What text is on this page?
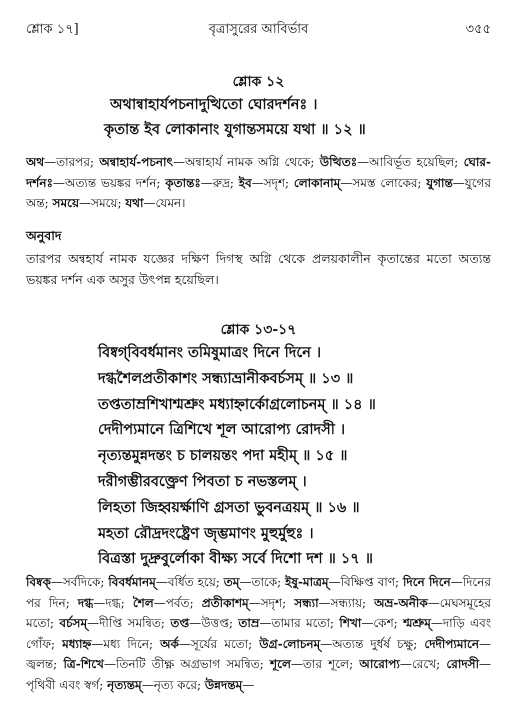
শ্লোক ১৭]	বৃত্রাসুরের আবির্ভাব	৩৫৫
শ্লোক ১২
অথান্বাহার্যপচনাদুত্থিতো ঘোরদর্শনঃ ।
কৃতান্ত ইব লোকানাং যুগান্তসময়ে যথা ॥ ১২ ॥
অথ—তারপর; অন্বাহার্য-পচনাৎ—অন্বাহার্য নামক অগ্নি থেকে; উত্থিতঃ—আবির্ভূত হয়েছিল; ঘোর-দর্শনঃ—অত্যন্ত ভয়ঙ্কর দর্শন; কৃতান্তঃ—রুদ্র; ইব—সদৃশ; লোকানাম্—সমস্ত লোকের; যুগান্ত—যুগের অন্ত; সময়ে—সময়ে; যথা—যেমন।
অনুবাদ
তারপর অন্বহার্য নামক যজ্ঞের দক্ষিণ দিগস্থ অগ্নি থেকে প্রলয়কালীন কৃতান্তের মতো অত্যন্ত ভয়ঙ্কর দর্শন এক অসুর উৎপন্ন হয়েছিল।
শ্লোক ১৩-১৭
বিষ্বগ্‌বিবর্ধমানং তমিষুমাত্রং দিনে দিনে ।
দগ্ধশৈলপ্রতীকাশং সন্ধ্যাভ্রানীকবর্চসম্ ॥ ১৩ ॥
তপ্ততাম্রশিখাশ্মশ্রুং মধ্যাহ্নার্কোগ্রলোচনম্ ॥ ১৪ ॥
দেদীপ্যমানে ত্রিশিখে শূল আরোপ্য রোদসী ।
নৃত্যন্তমুন্নদন্তং চ চালয়ন্তং পদা মহীম্ ॥ ১৫ ॥
দরীগম্ভীরবক্ত্রেণ পিবতা চ নভস্তলম্ ।
লিহতা জিহ্বয়র্ক্ষাণি গ্রসতা ভুবনত্রয়ম্ ॥ ১৬ ॥
মহতা রৌদ্রদংষ্ট্রেণ জৃম্ভমাণং মুহুর্মুহুঃ ।
বিত্রস্তা দুদ্রুবুর্লোকা বীক্ষ্য সর্বে দিশো দশ ॥ ১৭ ॥
বিষ্বক্—সর্বদিকে; বিবর্ধমানম্—বর্ধিত হয়ে; তম্—তাকে; ইষু-মাত্রম্—বিক্ষিপ্ত বাণ; দিনে দিনে—দিনের পর দিন; দগ্ধ—দগ্ধ; শৈল—পর্বত; প্রতীকাশম্—সদৃশ; সন্ধ্যা—সন্ধ্যায়; অভ্র-অনীক—মেঘসমূহের মতো; বর্চসম্—দীপ্তি সমন্বিত; তপ্ত—উত্তপ্ত; তাম্র—তামার মতো; শিখা—কেশ; শ্মশ্রুম্—দাড়ি এবং গোঁফ; মধ্যাহ্ন—মধ্য দিনে; অর্ক—সূর্যের মতো; উগ্র-লোচনম্—অত্যন্ত দুর্ধর্ষ চক্ষু; দেদীপ্যমানে—জ্বলন্ত; ত্রি-শিখে—তিনটি তীক্ষ্ণ অগ্রভাগ সমন্বিত; শূলে—তার শূলে; আরোপ্য—রেখে; রোদসী—পৃথিবী এবং স্বর্গ; নৃত্যন্তম্—নৃত্য করে; উন্নদন্তম্—
